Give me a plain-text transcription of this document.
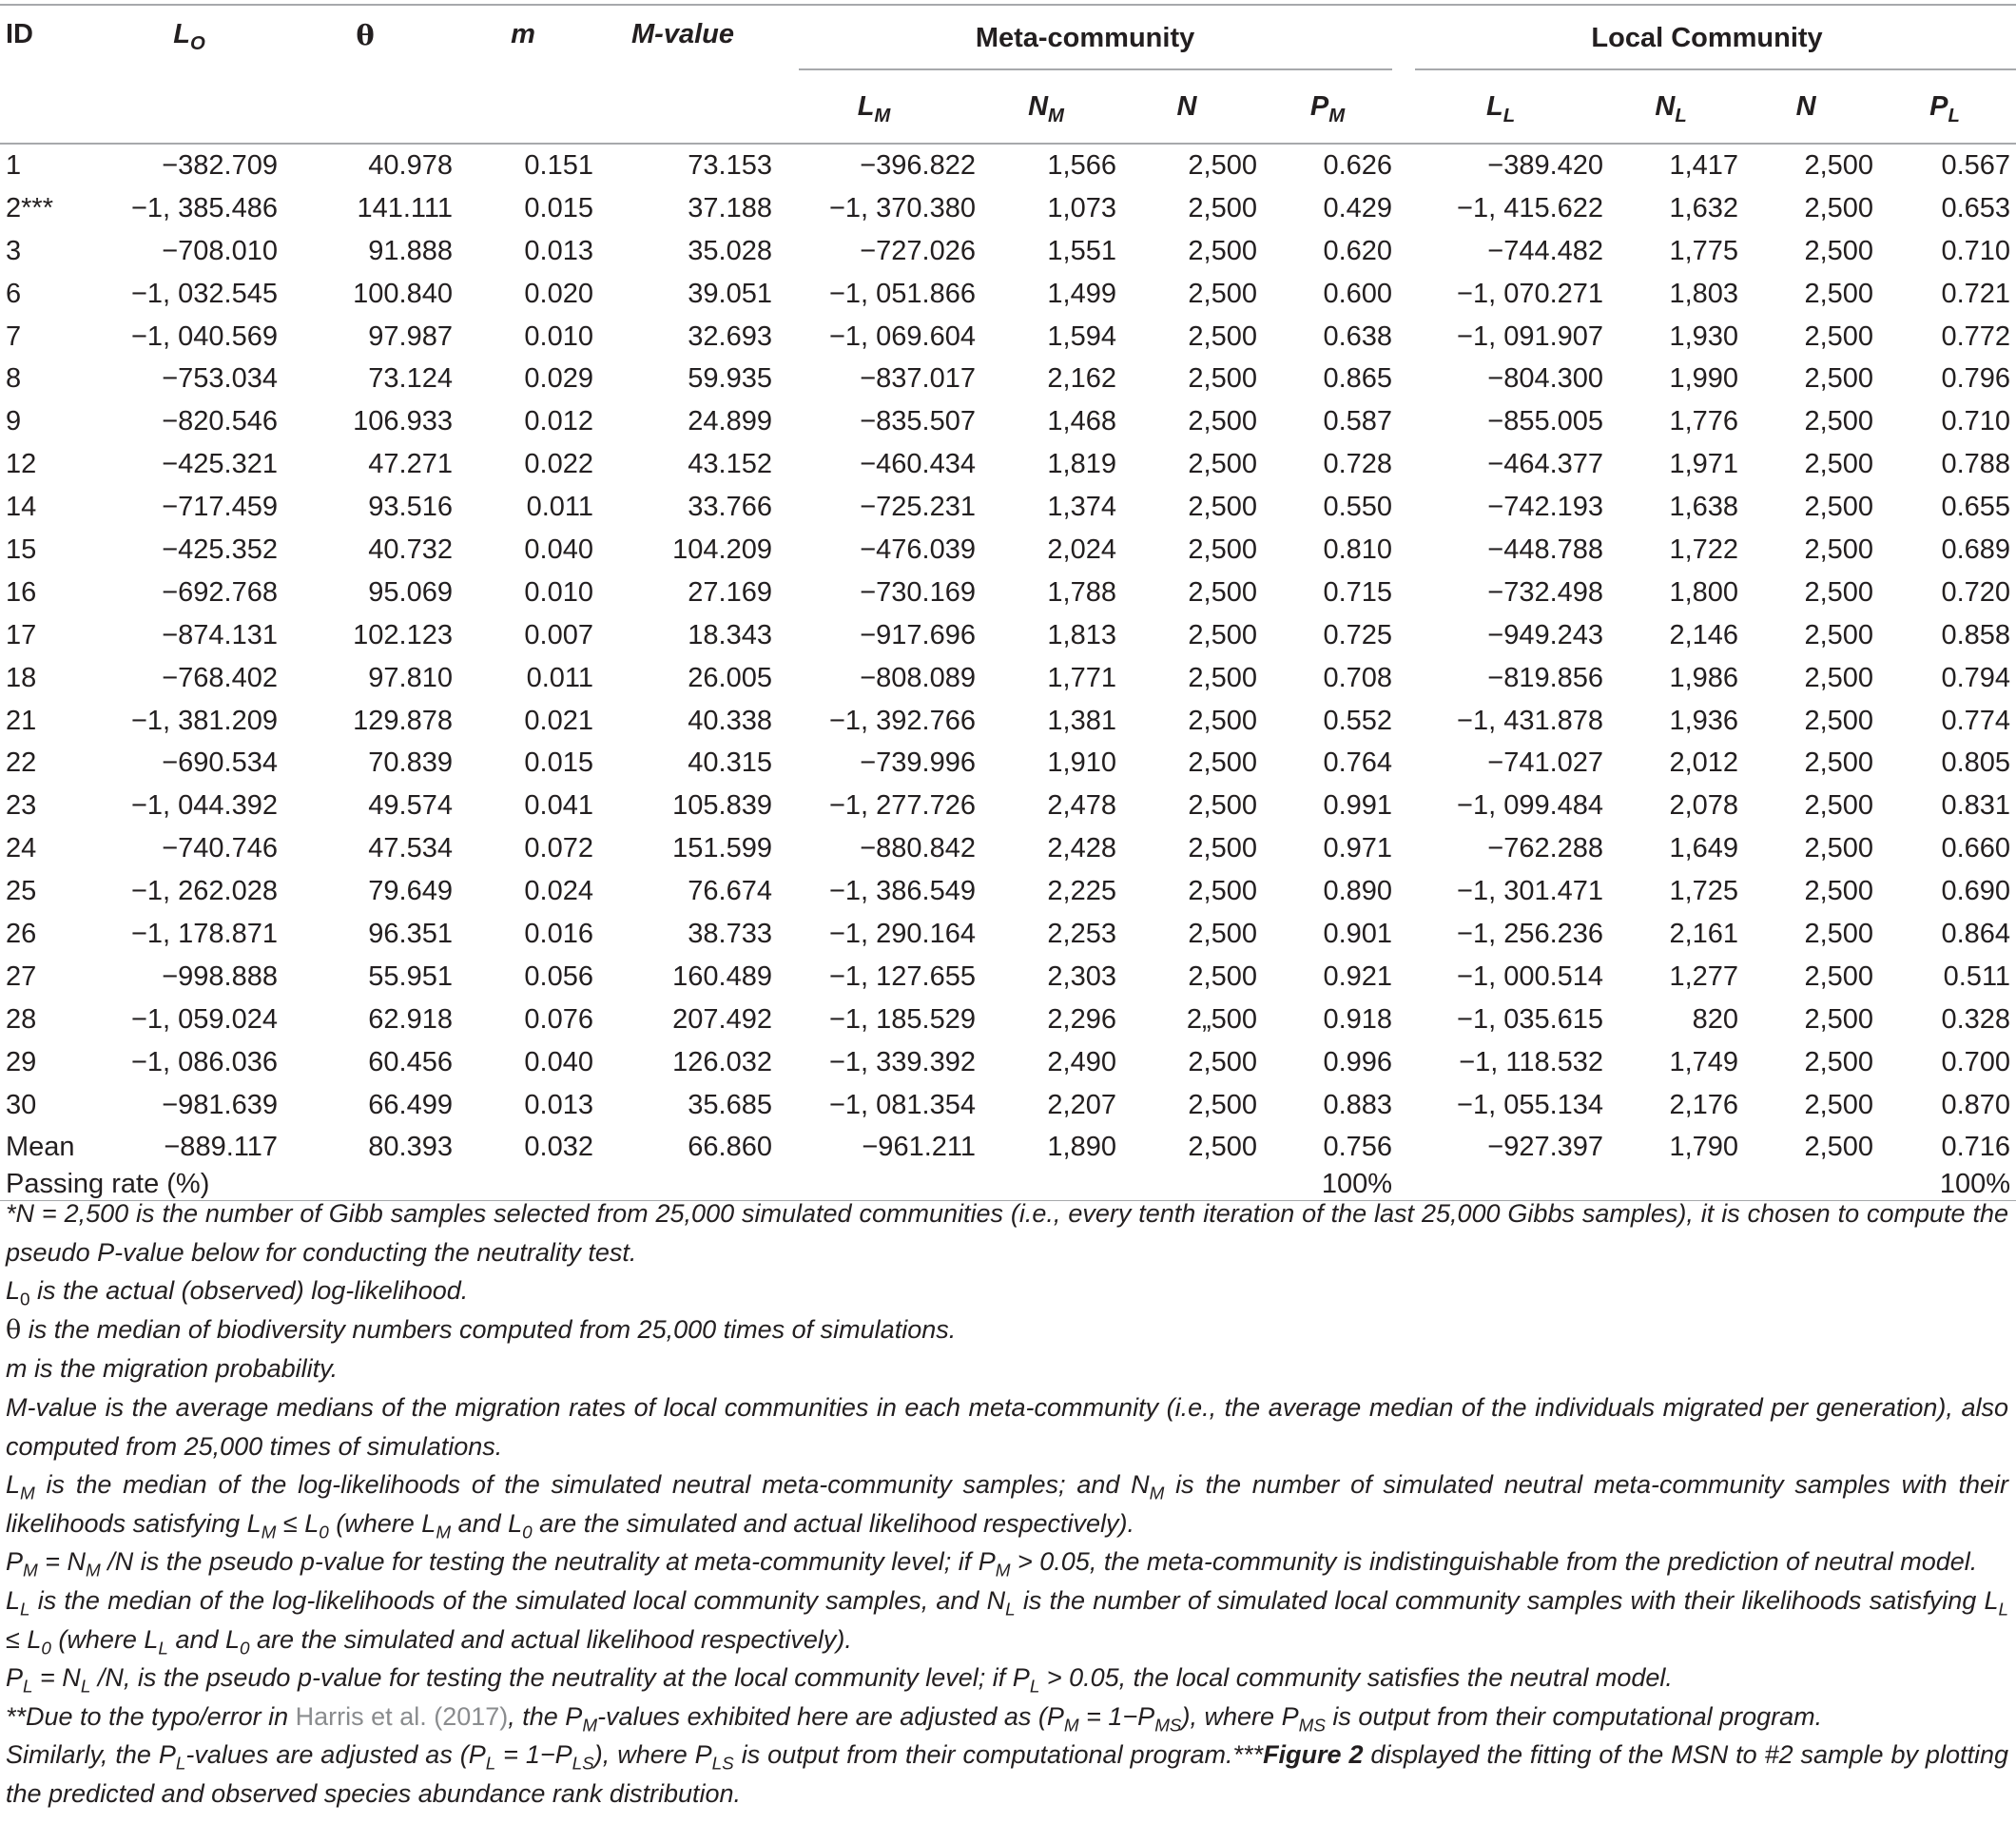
ID	$L_O$	θ	m	M-value	Meta-community				Local Community			

					$L_M$	$N_M$	N	$P_M$	$L_L$	$N_L$	N	$P_L$
1	−382.709	40.978	0.151	73.153	−396.822	1,566	2,500	0.626	−389.420	1,417	2,500	0.567
2***	−1, 385.486	141.111	0.015	37.188	−1, 370.380	1,073	2,500	0.429	−1, 415.622	1,632	2,500	0.653
3	−708.010	91.888	0.013	35.028	−727.026	1,551	2,500	0.620	−744.482	1,775	2,500	0.710
6	−1, 032.545	100.840	0.020	39.051	−1, 051.866	1,499	2,500	0.600	−1, 070.271	1,803	2,500	0.721
7	−1, 040.569	97.987	0.010	32.693	−1, 069.604	1,594	2,500	0.638	−1, 091.907	1,930	2,500	0.772
8	−753.034	73.124	0.029	59.935	−837.017	2,162	2,500	0.865	−804.300	1,990	2,500	0.796
9	−820.546	106.933	0.012	24.899	−835.507	1,468	2,500	0.587	−855.005	1,776	2,500	0.710
12	−425.321	47.271	0.022	43.152	−460.434	1,819	2,500	0.728	−464.377	1,971	2,500	0.788
14	−717.459	93.516	0.011	33.766	−725.231	1,374	2,500	0.550	−742.193	1,638	2,500	0.655
15	−425.352	40.732	0.040	104.209	−476.039	2,024	2,500	0.810	−448.788	1,722	2,500	0.689
16	−692.768	95.069	0.010	27.169	−730.169	1,788	2,500	0.715	−732.498	1,800	2,500	0.720
17	−874.131	102.123	0.007	18.343	−917.696	1,813	2,500	0.725	−949.243	2,146	2,500	0.858
18	−768.402	97.810	0.011	26.005	−808.089	1,771	2,500	0.708	−819.856	1,986	2,500	0.794
21	−1, 381.209	129.878	0.021	40.338	−1, 392.766	1,381	2,500	0.552	−1, 431.878	1,936	2,500	0.774
22	−690.534	70.839	0.015	40.315	−739.996	1,910	2,500	0.764	−741.027	2,012	2,500	0.805
23	−1, 044.392	49.574	0.041	105.839	−1, 277.726	2,478	2,500	0.991	−1, 099.484	2,078	2,500	0.831
24	−740.746	47.534	0.072	151.599	−880.842	2,428	2,500	0.971	−762.288	1,649	2,500	0.660
25	−1, 262.028	79.649	0.024	76.674	−1, 386.549	2,225	2,500	0.890	−1, 301.471	1,725	2,500	0.690
26	−1, 178.871	96.351	0.016	38.733	−1, 290.164	2,253	2,500	0.901	−1, 256.236	2,161	2,500	0.864
27	−998.888	55.951	0.056	160.489	−1, 127.655	2,303	2,500	0.921	−1, 000.514	1,277	2,500	0.511
28	−1, 059.024	62.918	0.076	207.492	−1, 185.529	2,296	2„500	0.918	−1, 035.615	820	2,500	0.328
29	−1, 086.036	60.456	0.040	126.032	−1, 339.392	2,490	2,500	0.996	−1, 118.532	1,749	2,500	0.700
30	−981.639	66.499	0.013	35.685	−1, 081.354	2,207	2,500	0.883	−1, 055.134	2,176	2,500	0.870
Mean	−889.117	80.393	0.032	66.860	−961.211	1,890	2,500	0.756	−927.397	1,790	2,500	0.716
Passing rate (%)					100%				100%			

*N = 2,500 is the number of Gibb samples selected from 25,000 simulated communities (i.e., every tenth iteration of the last 25,000 Gibbs samples), it is chosen to compute the pseudo P-value below for conducting the neutrality test.

$L_0$ is the actual (observed) log-likelihood.

θ is the median of biodiversity numbers computed from 25,000 times of simulations.

m is the migration probability.

M-value is the average medians of the migration rates of local communities in each meta-community (i.e., the average median of the individuals migrated per generation), also computed from 25,000 times of simulations.

$L_M$ is the median of the log-likelihoods of the simulated neutral meta-community samples; and $N_M$ is the number of simulated neutral meta-community samples with their likelihoods satisfying $L_M \le L_0$ (where $L_M$ and $L_0$ are the simulated and actual likelihood respectively).

$P_M = N_M$ /N is the pseudo p-value for testing the neutrality at meta-community level; if $P_M > 0.05$, the meta-community is indistinguishable from the prediction of neutral model.

$L_L$ is the median of the log-likelihoods of the simulated local community samples, and $N_L$ is the number of simulated local community samples with their likelihoods satisfying $L_L \le L_0$ (where $L_L$ and $L_0$ are the simulated and actual likelihood respectively).

$P_L = N_L$ /N, is the pseudo p-value for testing the neutrality at the local community level; if $P_L > 0.05$, the local community satisfies the neutral model.

**Due to the typo/error in Harris et al. (2017), the $P_M$-values exhibited here are adjusted as $(P_M = 1-P_{MS})$, where $P_{MS}$ is output from their computational program.

Similarly, the $P_L$-values are adjusted as $(P_L = 1-P_{LS})$, where $P_{LS}$ is output from their computational program.***Figure 2 displayed the fitting of the MSN to #2 sample by plotting the predicted and observed species abundance rank distribution.
